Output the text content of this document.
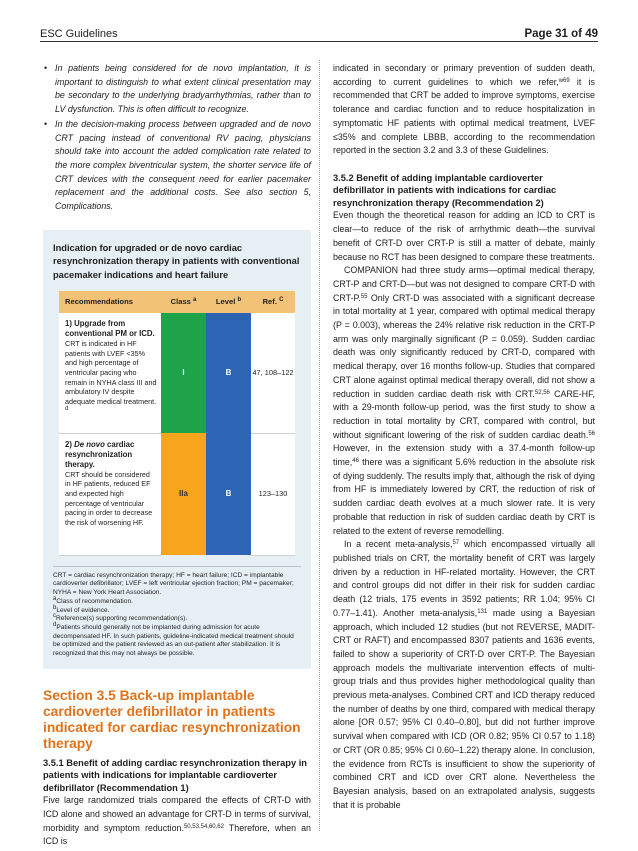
ESC Guidelines	Page 31 of 49
• In patients being considered for de novo implantation, it is important to distinguish to what extent clinical presentation may be secondary to the underlying bradyarrhythmias, rather than to LV dysfunction. This is often difficult to recognize.
• In the decision-making process between upgraded and de novo CRT pacing instead of conventional RV pacing, physicians should take into account the added complication rate related to the more complex biventricular system, the shorter service life of CRT devices with the consequent need for earlier pacemaker replacement and the additional costs. See also section 5, Complications.
Indication for upgraded or de novo cardiac resynchronization therapy in patients with conventional pacemaker indications and heart failure
Recommendations	Class $^a$	Level $^b$	Ref. $^C$

1) Upgrade from conventional PM or ICD.
CRT is indicated in HF patients with LVEF <35% and high percentage of ventricular pacing who remain in NYHA class III and ambulatory IV despite adequate medical treatment. $^d$	I	B	47, 108–122

2) De novo cardiac resynchronization therapy.
CRT should be considered in HF patients, reduced EF and expected high percentage of ventricular pacing in order to decrease the risk of worsening HF.	IIa	B	123–130

CRT = cardiac resynchronization therapy; HF = heart failure; ICD = implantable cardioverter defibrillator; LVEF = left ventricular ejection fraction; PM = pacemaker; NYHA = New York Heart Association.

$^a$Class of recommendation.

$^b$Level of evidence.

$^c$Reference(s) supporting recommendation(s).

$^d$Patients should generally not be implanted during admission for acute decompensated HF. In such patients, guideline-indicated medical treatment should be optimized and the patient reviewed as an out-patient after stabilization. It is recognized that this may not always be possible.

Section 3.5 Back-up implantable cardioverter defibrillator in patients indicated for cardiac resynchronization therapy
3.5.1 Benefit of adding cardiac resynchronization therapy in patients with indications for implantable cardioverter defibrillator (Recommendation 1)

Five large randomized trials compared the effects of CRT-D with ICD alone and showed an advantage for CRT-D in terms of survival, morbidity and symptom reduction.$^{50,53,54,60,62}$ Therefore, when an ICD is

indicated in secondary or primary prevention of sudden death, according to current guidelines to which we refer,$^{w69}$ it is recommended that CRT be added to improve symptoms, exercise tolerance and cardiac function and to reduce hospitalization in symptomatic HF patients with optimal medical treatment, LVEF ≤35% and complete LBBB, according to the recommendation reported in the section 3.2 and 3.3 of these Guidelines.

3.5.2 Benefit of adding implantable cardioverter defibrillator in patients with indications for cardiac resynchronization therapy (Recommendation 2)

Even though the theoretical reason for adding an ICD to CRT is clear—to reduce of the risk of arrhythmic death—the survival benefit of CRT-D over CRT-P is still a matter of debate, mainly because no RCT has been designed to compare these treatments.

COMPANION had three study arms—optimal medical therapy, CRT-P and CRT-D—but was not designed to compare CRT-D with CRT-P.$^{55}$ Only CRT-D was associated with a significant decrease in total mortality at 1 year, compared with optimal medical therapy (P = 0.003), whereas the 24% relative risk reduction in the CRT-P arm was only marginally significant (P = 0.059). Sudden cardiac death was only significantly reduced by CRT-D, compared with medical therapy, over 16 months follow-up. Studies that compared CRT alone against optimal medical therapy overall, did not show a reduction in sudden cardiac death risk with CRT.$^{52,56}$ CARE-HF, with a 29-month follow-up period, was the first study to show a reduction in total mortality by CRT, compared with control, but without significant lowering of the risk of sudden cardiac death.$^{56}$ However, in the extension study with a 37.4-month follow-up time,$^{46}$ there was a significant 5.6% reduction in the absolute risk of dying suddenly. The results imply that, although the risk of dying from HF is immediately lowered by CRT, the reduction of risk of sudden cardiac death evolves at a much slower rate. It is very probable that reduction in risk of sudden cardiac death by CRT is related to the extent of reverse remodelling.

In a recent meta-analysis,$^{57}$ which encompassed virtually all published trials on CRT, the mortality benefit of CRT was largely driven by a reduction in HF-related mortality. However, the CRT and control groups did not differ in their risk for sudden cardiac death (12 trials, 175 events in 3592 patients; RR 1.04; 95% CI 0.77–1.41). Another meta-analysis,$^{131}$ made using a Bayesian approach, which included 12 studies (but not REVERSE, MADIT-CRT or RAFT) and encompassed 8307 patients and 1636 events, failed to show a superiority of CRT-D over CRT-P. The Bayesian approach models the multivariate intervention effects of multi-group trials and thus provides higher methodological quality than previous meta-analyses. Combined CRT and ICD therapy reduced the number of deaths by one third, compared with medical therapy alone [OR 0.57; 95% CI 0.40–0.80], but did not further improve survival when compared with ICD (OR 0.82; 95% CI 0.57 to 1.18) or CRT (OR 0.85; 95% CI 0.60–1.22) therapy alone. In conclusion, the evidence from RCTs is insufficient to show the superiority of combined CRT and ICD over CRT alone. Nevertheless the Bayesian analysis, based on an extrapolated analysis, suggests that it is probable
